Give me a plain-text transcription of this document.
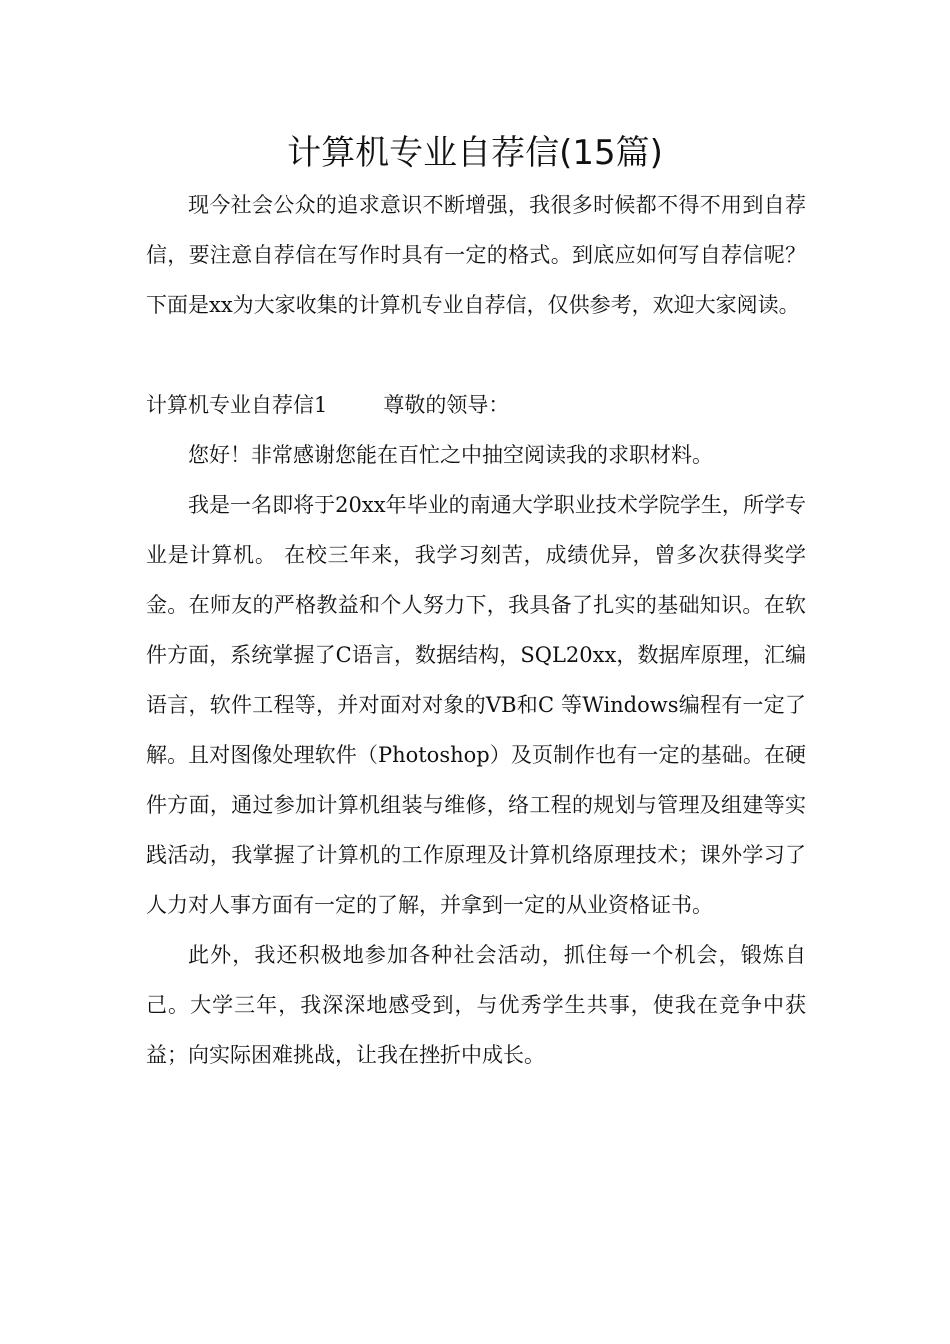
计算机专业自荐信(15篇)

现今社会公众的追求意识不断增强，我很多时候都不得不用到自荐信，要注意自荐信在写作时具有一定的格式。到底应如何写自荐信呢？下面是xx为大家收集的计算机专业自荐信，仅供参考，欢迎大家阅读。

计算机专业自荐信1	尊敬的领导：

您好！非常感谢您能在百忙之中抽空阅读我的求职材料。

我是一名即将于20xx年毕业的南通大学职业技术学院学生，所学专业是计算机。 在校三年来，我学习刻苦，成绩优异，曾多次获得奖学金。在师友的严格教益和个人努力下，我具备了扎实的基础知识。在软件方面，系统掌握了C语言，数据结构，SQL20xx，数据库原理，汇编语言，软件工程等，并对面对对象的VB和C 等Windows编程有一定了解。且对图像处理软件（Photoshop）及页制作也有一定的基础。在硬件方面，通过参加计算机组装与维修，络工程的规划与管理及组建等实践活动，我掌握了计算机的工作原理及计算机络原理技术；课外学习了人力对人事方面有一定的了解，并拿到一定的从业资格证书。

此外，我还积极地参加各种社会活动，抓住每一个机会，锻炼自己。大学三年，我深深地感受到，与优秀学生共事，使我在竞争中获益；向实际困难挑战，让我在挫折中成长。
